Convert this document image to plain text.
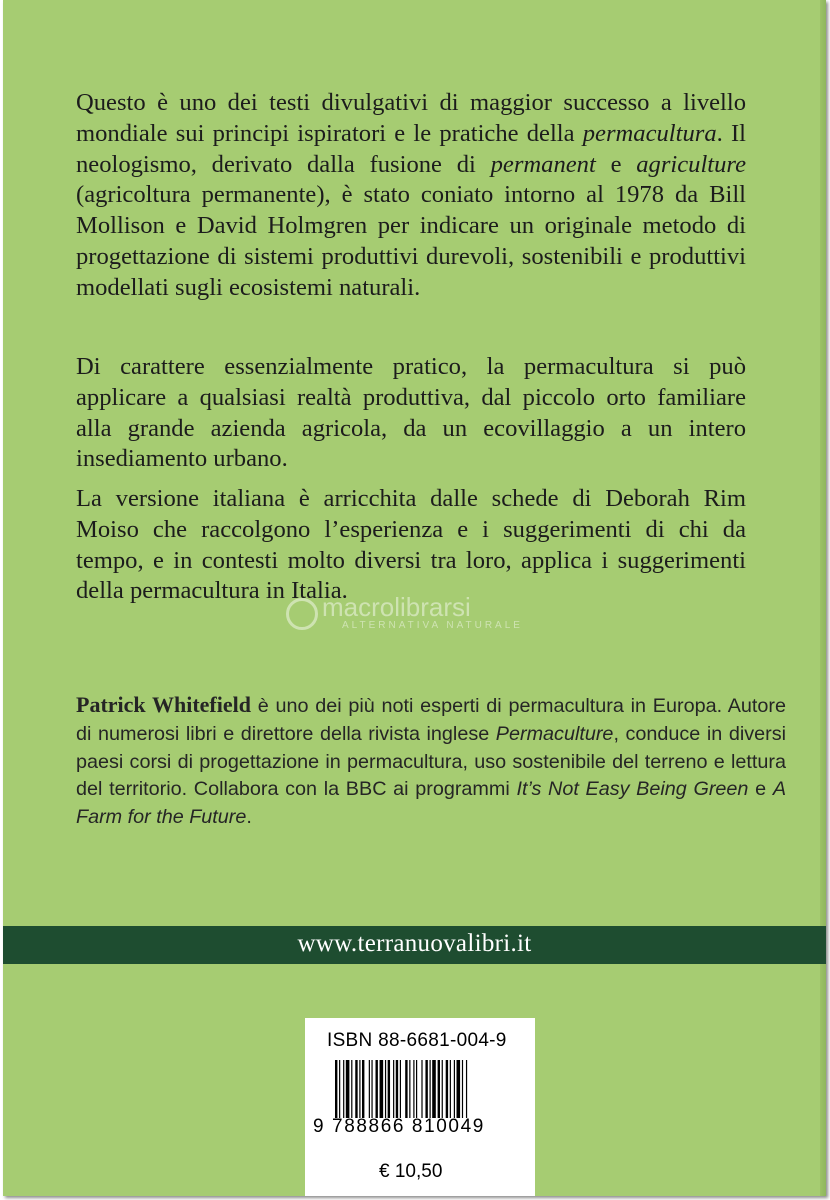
Questo è uno dei testi divulgativi di maggior successo a livello mondiale sui principi ispiratori e le pratiche della permacultura. Il neologismo, derivato dalla fusione di permanent e agriculture (agricoltura permanente), è stato coniato intorno al 1978 da Bill Mollison e David Holmgren per indicare un originale metodo di progettazione di sistemi produttivi durevoli, sostenibili e produttivi modellati sugli ecosistemi naturali.
Di carattere essenzialmente pratico, la permacultura si può applicare a qualsiasi realtà produttiva, dal piccolo orto familiare alla grande azienda agricola, da un ecovillaggio a un intero insediamento urbano.
La versione italiana è arricchita dalle schede di Deborah Rim Moiso che raccolgono l’esperienza e i suggerimenti di chi da tempo, e in contesti molto diversi tra loro, applica i suggerimenti della permacultura in Italia.
macrolibrarsi
ALTERNATIVA NATURALE
Patrick Whitefield è uno dei più noti esperti di permacultura in Europa. Autore di numerosi libri e direttore della rivista inglese Permaculture, conduce in diversi paesi corsi di progettazione in permacultura, uso sostenibile del terreno e lettura del territorio. Collabora con la BBC ai programmi It’s Not Easy Being Green e A Farm for the Future.
www.terranuovalibri.it
ISBN 88-6681-004-9
9 788866 810049
€ 10,50
